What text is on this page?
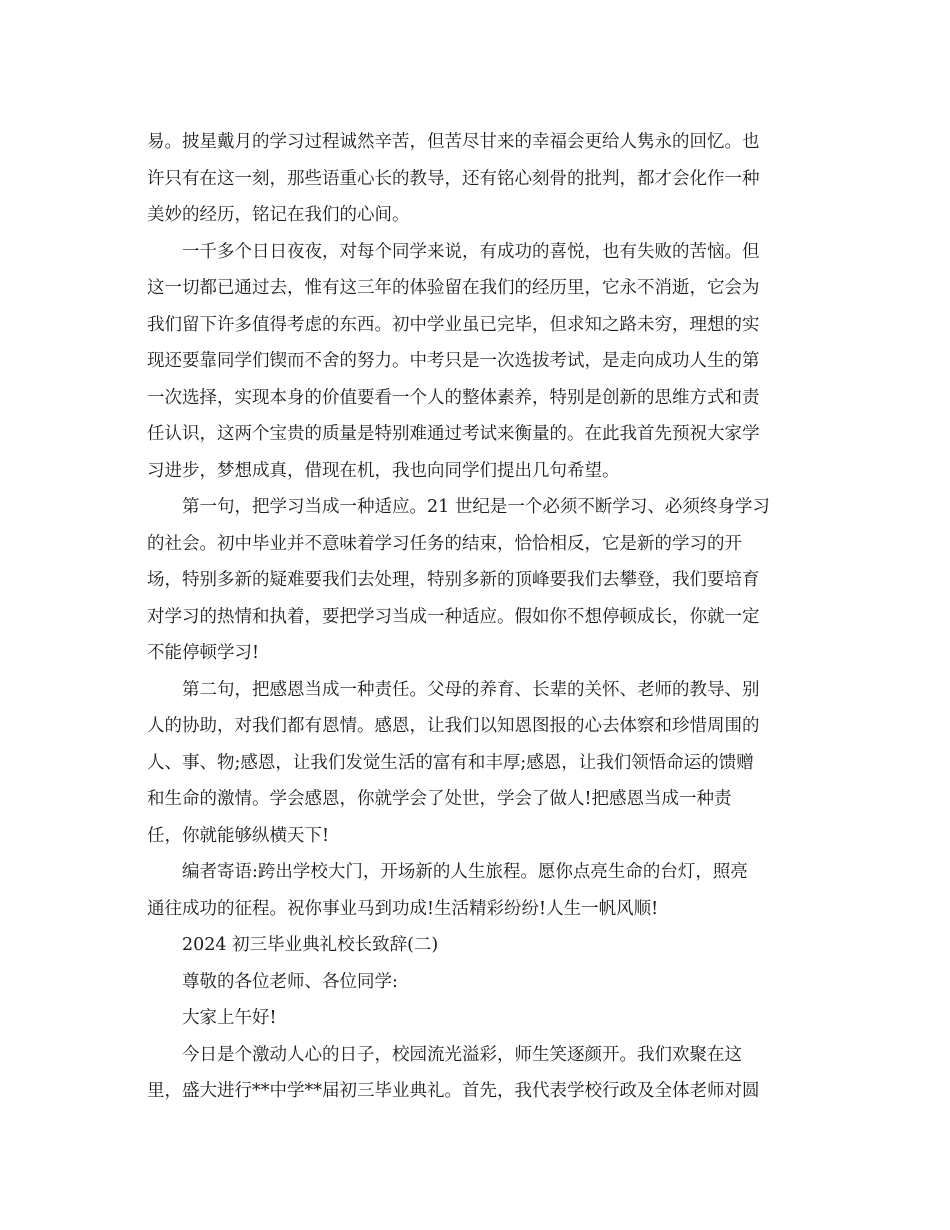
易。披星戴月的学习过程诚然辛苦，但苦尽甘来的幸福会更给人隽永的回忆。也
许只有在这一刻，那些语重心长的教导，还有铭心刻骨的批判，都才会化作一种
美妙的经历，铭记在我们的心间。
一千多个日日夜夜，对每个同学来说，有成功的喜悦，也有失败的苦恼。但
这一切都已通过去，惟有这三年的体验留在我们的经历里，它永不消逝，它会为
我们留下许多值得考虑的东西。初中学业虽已完毕，但求知之路未穷，理想的实
现还要靠同学们锲而不舍的努力。中考只是一次选拔考试，是走向成功人生的第
一次选择，实现本身的价值要看一个人的整体素养，特别是创新的思维方式和责
任认识，这两个宝贵的质量是特别难通过考试来衡量的。在此我首先预祝大家学
习进步，梦想成真，借现在机，我也向同学们提出几句希望。
第一句，把学习当成一种适应。21 世纪是一个必须不断学习、必须终身学习
的社会。初中毕业并不意味着学习任务的结束，恰恰相反，它是新的学习的开
场，特别多新的疑难要我们去处理，特别多新的顶峰要我们去攀登，我们要培育
对学习的热情和执着，要把学习当成一种适应。假如你不想停顿成长，你就一定
不能停顿学习!
第二句，把感恩当成一种责任。父母的养育、长辈的关怀、老师的教导、别
人的协助，对我们都有恩情。感恩，让我们以知恩图报的心去体察和珍惜周围的
人、事、物;感恩，让我们发觉生活的富有和丰厚;感恩，让我们领悟命运的馈赠
和生命的激情。学会感恩，你就学会了处世，学会了做人!把感恩当成一种责
任，你就能够纵横天下!
编者寄语:跨出学校大门，开场新的人生旅程。愿你点亮生命的台灯，照亮
通往成功的征程。祝你事业马到功成!生活精彩纷纷!人生一帆风顺!
2024 初三毕业典礼校长致辞(二)
尊敬的各位老师、各位同学:
大家上午好!
今日是个激动人心的日子，校园流光溢彩，师生笑逐颜开。我们欢聚在这
里，盛大进行**中学**届初三毕业典礼。首先，我代表学校行政及全体老师对圆
